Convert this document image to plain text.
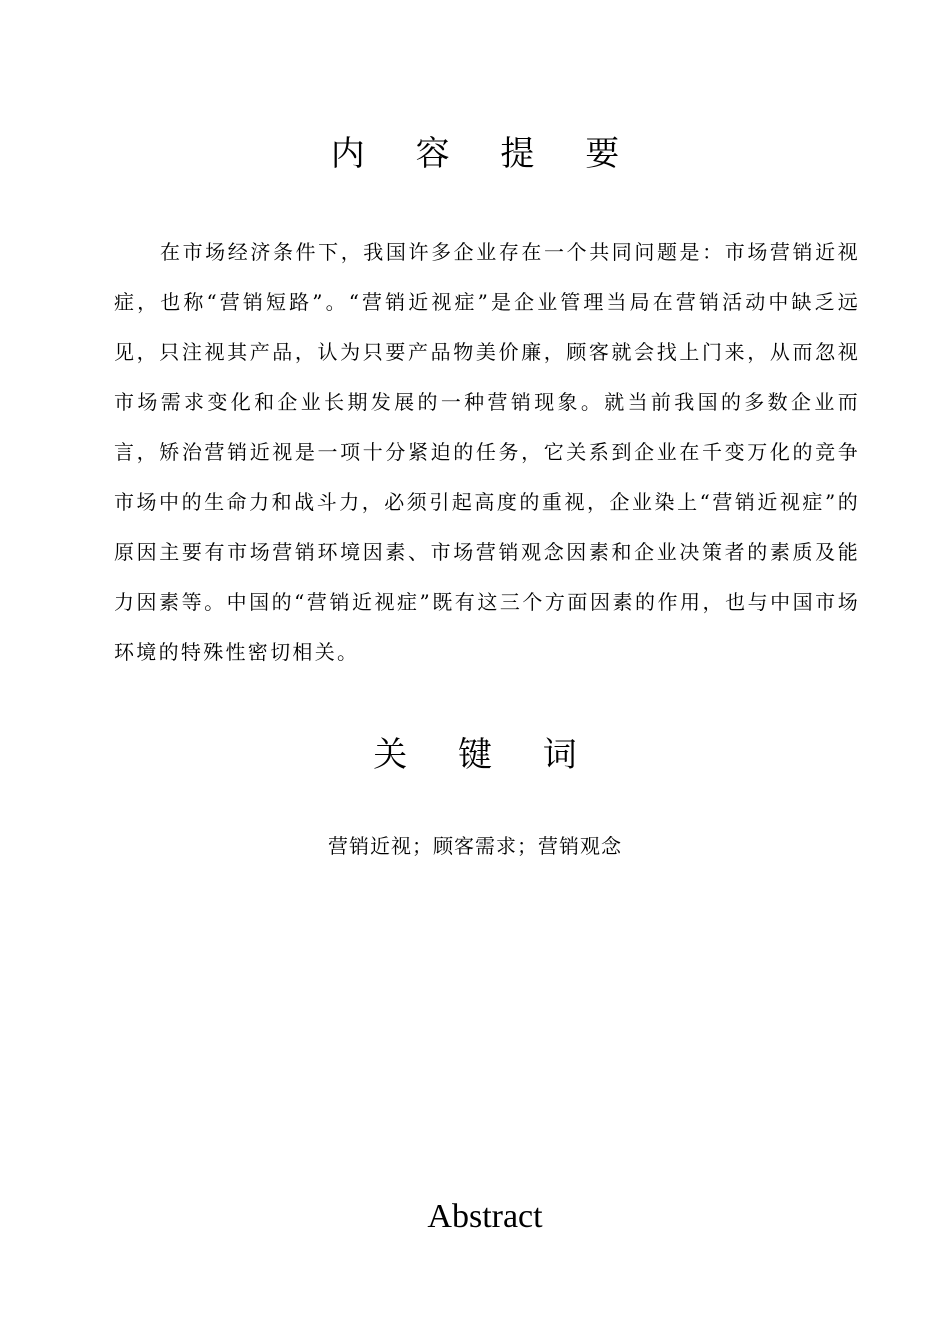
内 容 提 要
在市场经济条件下，我国许多企业存在一个共同问题是：市场营销近视症，也称“营销短路”。“营销近视症”是企业管理当局在营销活动中缺乏远见，只注视其产品，认为只要产品物美价廉，顾客就会找上门来，从而忽视市场需求变化和企业长期发展的一种营销现象。就当前我国的多数企业而言，矫治营销近视是一项十分紧迫的任务，它关系到企业在千变万化的竞争市场中的生命力和战斗力，必须引起高度的重视，企业染上“营销近视症”的原因主要有市场营销环境因素、市场营销观念因素和企业决策者的素质及能力因素等。中国的“营销近视症”既有这三个方面因素的作用，也与中国市场环境的特殊性密切相关。
关 键 词
营销近视；顾客需求；营销观念
Abstract
